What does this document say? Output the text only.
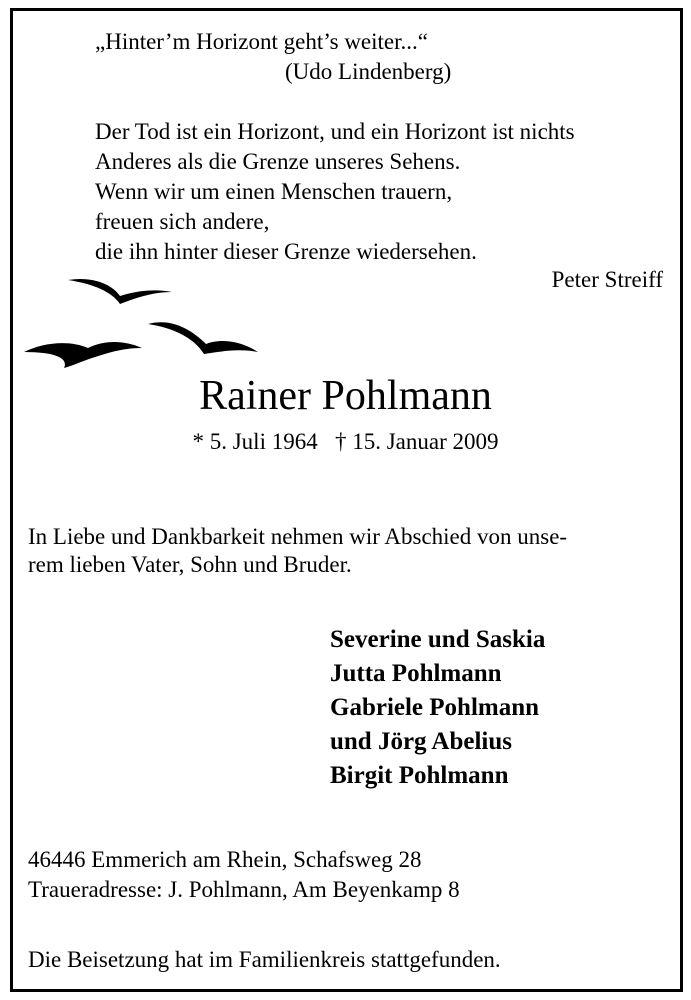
„Hinter’m Horizont geht’s weiter...“
(Udo Lindenberg)
Der Tod ist ein Horizont, und ein Horizont ist nichts
Anderes als die Grenze unseres Sehens.
Wenn wir um einen Menschen trauern,
freuen sich andere,
die ihn hinter dieser Grenze wiedersehen.
Peter Streiff
Rainer Pohlmann
* 5. Juli 1964   † 15. Januar 2009
In Liebe und Dankbarkeit nehmen wir Abschied von unse-
rem lieben Vater, Sohn und Bruder.
Severine und Saskia
Jutta Pohlmann
Gabriele Pohlmann
und Jörg Abelius
Birgit Pohlmann
46446 Emmerich am Rhein, Schafsweg 28
Traueradresse: J. Pohlmann, Am Beyenkamp 8
Die Beisetzung hat im Familienkreis stattgefunden.
